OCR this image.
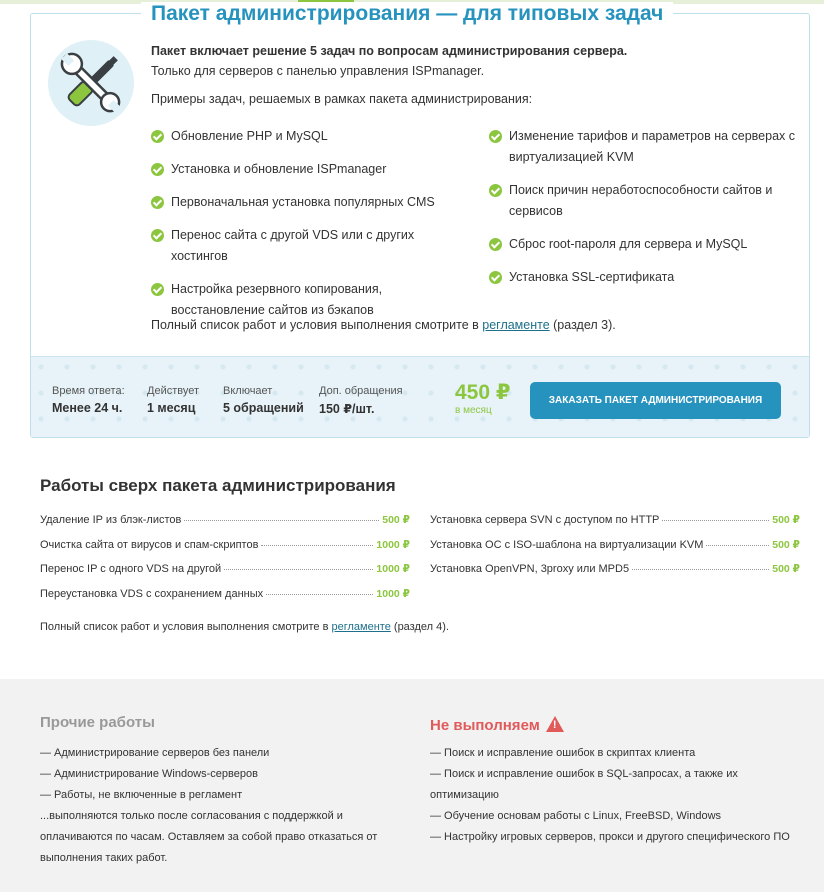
Пакет администрирования — для типовых задач
Пакет включает решение 5 задач по вопросам администрирования сервера.
Только для серверов с панелью управления ISPmanager.
Примеры задач, решаемых в рамках пакета администрирования:
Обновление PHP и MySQL
Установка и обновление ISPmanager
Первоначальная установка популярных CMS
Перенос сайта с другой VDS или с других хостингов
Настройка резервного копирования, восстановление сайтов из бэкапов
Изменение тарифов и параметров на серверах с виртуализацией KVM
Поиск причин неработоспособности сайтов и сервисов
Сброс root-пароля для сервера и MySQL
Установка SSL-сертификата
Полный список работ и условия выполнения смотрите в регламенте (раздел 3).
Время ответа:
Менее 24 ч.
Действует
1 месяц
Включает
5 обращений
Доп. обращения
150 ₽/шт.
450 ₽
в месяц
ЗАКАЗАТЬ ПАКЕТ АДМИНИСТРИРОВАНИЯ
Работы сверх пакета администрирования
Удаление IP из блэк-листов	500 ₽
Очистка сайта от вирусов и спам-скриптов	1000 ₽
Перенос IP с одного VDS на другой	1000 ₽
Переустановка VDS с сохранением данных	1000 ₽
Установка сервера SVN с доступом по HTTP	500 ₽
Установка ОС с ISO-шаблона на виртуализации KVM	500 ₽
Установка OpenVPN, 3proxy или MPD5	500 ₽
Полный список работ и условия выполнения смотрите в регламенте (раздел 4).
Прочие работы	Не выполняем!
— Администрирование серверов без панели
— Администрирование Windows-серверов
— Работы, не включенные в регламент
...выполняются только после согласования с поддержкой и оплачиваются по часам. Оставляем за собой право отказаться от выполнения таких работ.
— Поиск и исправление ошибок в скриптах клиента
— Поиск и исправление ошибок в SQL-запросах, а также их оптимизацию
— Обучение основам работы с Linux, FreeBSD, Windows
— Настройку игровых серверов, прокси и другого специфического ПО
